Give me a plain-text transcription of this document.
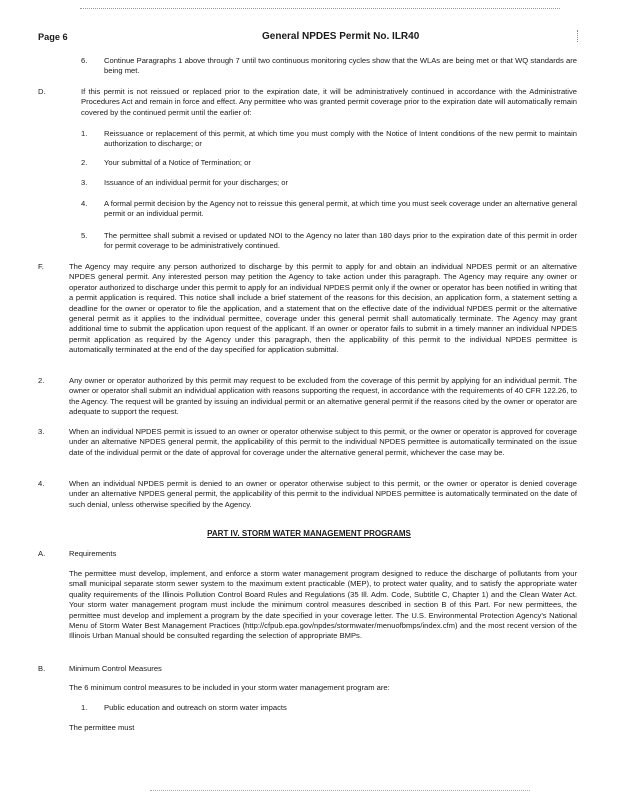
Page 6	General NPDES Permit No. ILR40
6. Continue Paragraphs 1 above through 7 until two continuous monitoring cycles show that the WLAs are being met or that WQ standards are being met.

D.	If this permit is not reissued or replaced prior to the expiration date, it will be administratively continued in accordance with the Administrative Procedures Act and remain in force and effect. Any permittee who was granted permit coverage prior to the expiration date will automatically remain covered by the continued permit until the earlier of:

1. Reissuance or replacement of this permit, at which time you must comply with the Notice of Intent conditions of the new permit to maintain authorization to discharge; or

2. Your submittal of a Notice of Termination; or

3. Issuance of an individual permit for your discharges; or

4. A formal permit decision by the Agency not to reissue this general permit, at which time you must seek coverage under an alternative general permit or an individual permit.

5. The permittee shall submit a revised or updated NOI to the Agency no later than 180 days prior to the expiration date of this permit in order for permit coverage to be administratively continued.

F.	The Agency may require any person authorized to discharge by this permit to apply for and obtain an individual NPDES permit or an alternative NPDES general permit. Any interested person may petition the Agency to take action under this paragraph. The Agency may require any owner or operator authorized to discharge under this permit to apply for an individual NPDES permit only if the owner or operator has been notified in writing that a permit application is required. This notice shall include a brief statement of the reasons for this decision, an application form, a statement setting a deadline for the owner or operator to file the application, and a statement that on the effective date of the individual NPDES permit or the alternative general permit as it applies to the individual permittee, coverage under this general permit shall automatically terminate. The Agency may grant additional time to submit the application upon request of the applicant. If an owner or operator fails to submit in a timely manner an individual NPDES permit application as required by the Agency under this paragraph, then the applicability of this permit to the individual NPDES permittee is automatically terminated at the end of the day specified for application submittal.

2.	Any owner or operator authorized by this permit may request to be excluded from the coverage of this permit by applying for an individual permit. The owner or operator shall submit an individual application with reasons supporting the request, in accordance with the requirements of 40 CFR 122.26, to the Agency. The request will be granted by issuing an individual permit or an alternative general permit if the reasons cited by the owner or operator are adequate to support the request.

3.	When an individual NPDES permit is issued to an owner or operator otherwise subject to this permit, or the owner or operator is approved for coverage under an alternative NPDES general permit, the applicability of this permit to the individual NPDES permittee is automatically terminated on the issue date of the individual permit or the date of approval for coverage under the alternative general permit, whichever the case may be.

4.	When an individual NPDES permit is denied to an owner or operator otherwise subject to this permit, or the owner or operator is denied coverage under an alternative NPDES general permit, the applicability of this permit to the individual NPDES permittee is automatically terminated on the date of such denial, unless otherwise specified by the Agency.

PART IV. STORM WATER MANAGEMENT PROGRAMS
A.	Requirements

The permittee must develop, implement, and enforce a storm water management program designed to reduce the discharge of pollutants from your small municipal separate storm sewer system to the maximum extent practicable (MEP), to protect water quality, and to satisfy the appropriate water quality requirements of the Illinois Pollution Control Board Rules and Regulations (35 Ill. Adm. Code, Subtitle C, Chapter 1) and the Clean Water Act. Your storm water management program must include the minimum control measures described in section B of this Part. For new permittees, the permittee must develop and implement a program by the date specified in your coverage letter. The U.S. Environmental Protection Agency's National Menu of Storm Water Best Management Practices (http://cfpub.epa.gov/npdes/stormwater/menuofbmps/index.cfm) and the most recent version of the Illinois Urban Manual should be consulted regarding the selection of appropriate BMPs.

B.	Minimum Control Measures

The 6 minimum control measures to be included in your storm water management program are:

1. Public education and outreach on storm water impacts

The permittee must
